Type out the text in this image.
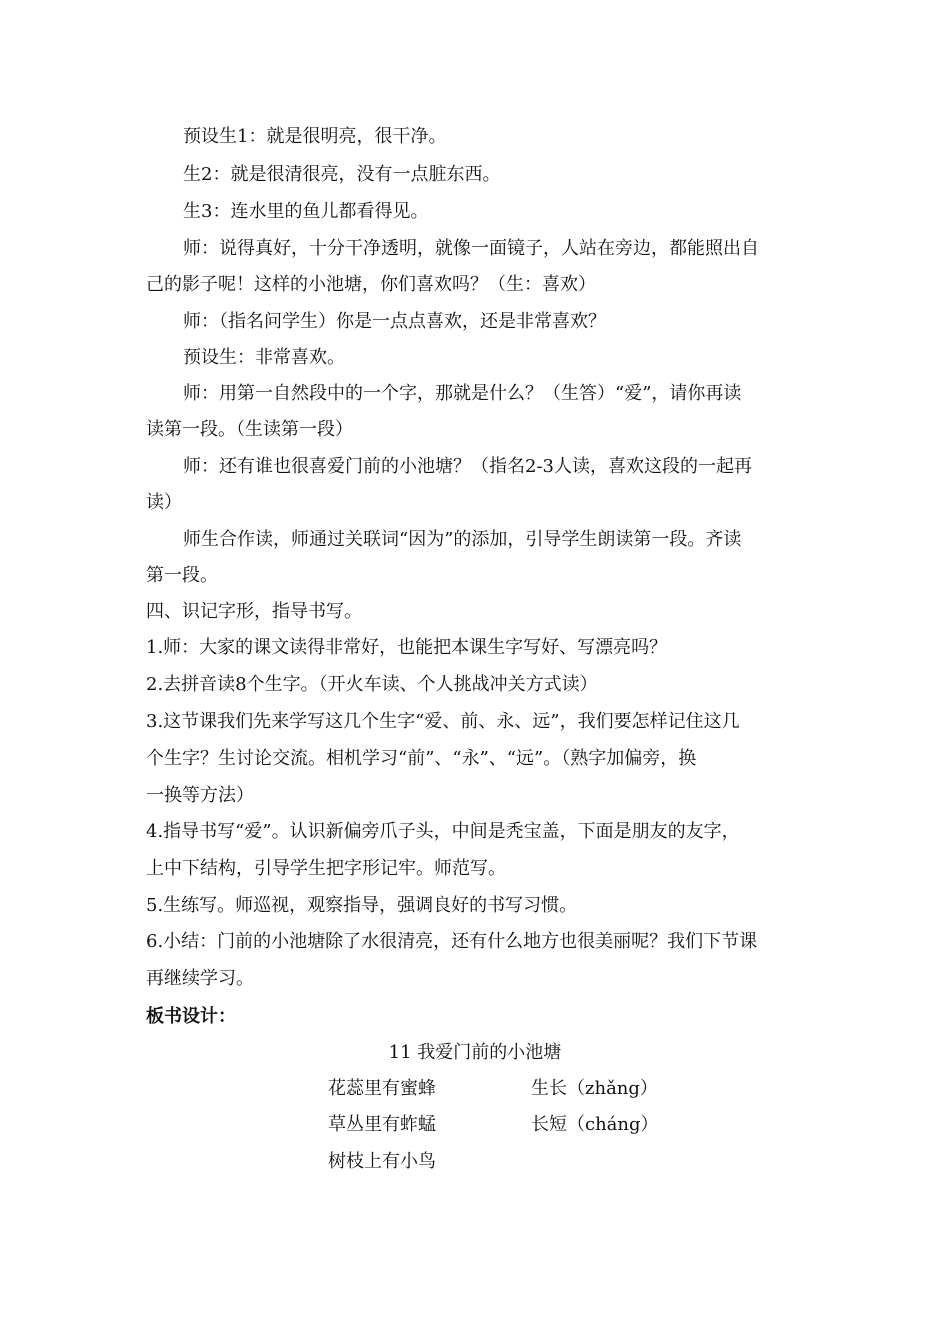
预设生1：就是很明亮，很干净。
生2：就是很清很亮，没有一点脏东西。
生3：连水里的鱼儿都看得见。
师：说得真好，十分干净透明，就像一面镜子，人站在旁边，都能照出自
己的影子呢！这样的小池塘，你们喜欢吗？（生：喜欢）
师：（指名问学生）你是一点点喜欢，还是非常喜欢？
预设生：非常喜欢。
师：用第一自然段中的一个字，那就是什么？（生答）“爱”，请你再读
读第一段。（生读第一段）
师：还有谁也很喜爱门前的小池塘？（指名2-3人读，喜欢这段的一起再
读）
师生合作读，师通过关联词“因为”的添加，引导学生朗读第一段。齐读
第一段。
四、识记字形，指导书写。
1.师：大家的课文读得非常好，也能把本课生字写好、写漂亮吗？
2.去拼音读8个生字。（开火车读、个人挑战冲关方式读）
3.这节课我们先来学写这几个生字“爱、前、永、远”，我们要怎样记住这几
个生字？生讨论交流。相机学习“前”、“永”、“远”。（熟字加偏旁，换
一换等方法）
4.指导书写“爱”。认识新偏旁爪子头，中间是秃宝盖，下面是朋友的友字，
上中下结构，引导学生把字形记牢。师范写。
5.生练写。师巡视，观察指导，强调良好的书写习惯。
6.小结：门前的小池塘除了水很清亮，还有什么地方也很美丽呢？我们下节课
再继续学习。
板书设计：
11 我爱门前的小池塘
花蕊里有蜜蜂
草丛里有蚱蜢
树枝上有小鸟
生长（zhǎng）
长短（cháng）
